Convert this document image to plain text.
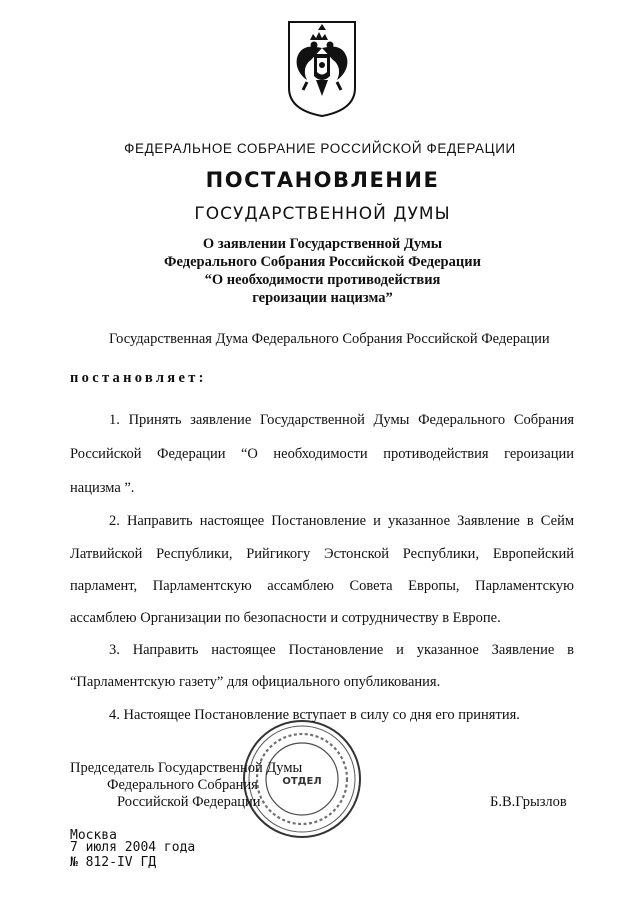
ФЕДЕРАЛЬНОЕ СОБРАНИЕ РОССИЙСКОЙ ФЕДЕРАЦИИ
ПОСТАНОВЛЕНИЕ
ГОСУДАРСТВЕННОЙ ДУМЫ
О заявлении Государственной Думы
Федерального Собрания Российской Федерации
“О необходимости противодействия
героизации нацизма”
Государственная Дума Федерального Собрания Российской Федерации
постановляет:
1. Принять заявление Государственной Думы Федерального Собрания
Российской Федерации “О необходимости противодействия героизации
нацизма ”.
2. Направить настоящее Постановление и указанное Заявление в Сейм
Латвийской Республики, Рийгикогу Эстонской Республики, Европейский
парламент, Парламентскую ассамблею Совета Европы, Парламентскую
ассамблею Организации по безопасности и сотрудничеству в Европе.
3. Направить настоящее Постановление и указанное Заявление в
“Парламентскую газету” для официального опубликования.
4. Настоящее Постановление вступает в силу со дня его принятия.
Председатель Государственной Думы
Федерального Собрания
Российской Федерации	Б.В.Грызлов
ОТДЕЛ
Москва
7 июля 2004 года
№ 812-IV ГД
